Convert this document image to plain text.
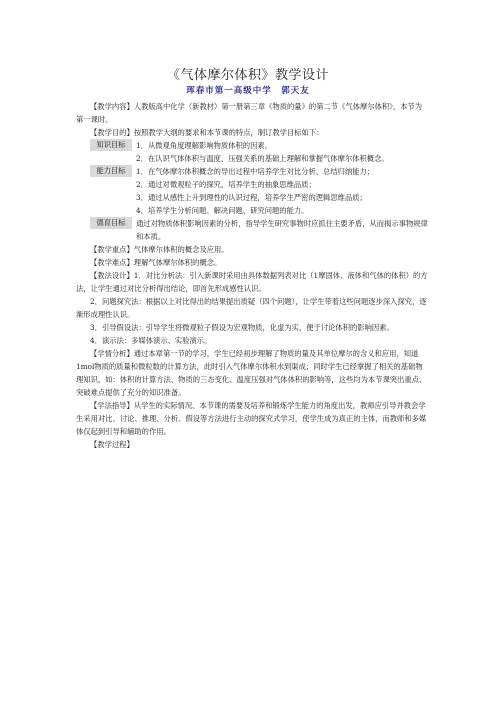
《气体摩尔体积》教学设计
珲春市第一高级中学　郭天友

【教学内容】人教版高中化学（新教材）第一册第三章《物质的量》的第二节《气体摩尔体积》，本节为第一课时。

【教学目的】按照教学大纲的要求和本节课的特点，制订教学目标如下：

知识目标	1．从微观角度理解影响物质体积的因素。

2．在认识气体体积与温度、压强关系的基础上理解和掌握气体摩尔体积概念。

能力目标	1．在气体摩尔体积概念的导出过程中培养学生对比分析、总结归纳能力；

2．通过对微观粒子的探究，培养学生的抽象思维品质；

3．通过从感性上升到理性的认识过程，培养学生严密的逻辑思维品质；

4．培养学生分析问题、解决问题、研究问题的能力。

德育目标	通过对物质体积影响因素的分析，指导学生研究事物时应抓住主要矛盾，从而揭示事物规律和本质。

【教学重点】气体摩尔体积的概念及应用。

【教学难点】理解气体摩尔体积的概念。

【教法设计】1．对比分析法：引入新课时采用由具体数据列表对比（1摩固体、液体和气体的体积）的方法，让学生通过对比分析得出结论，即首先形成感性认识。

2．问题探究法：根据以上对比得出的结果提出质疑（四个问题），让学生带着这些问题逐步深入探究，逐渐形成理性认识。

3．引导假设法：引导学生将微观粒子假设为宏观物质，化虚为实，便于讨论体积的影响因素。

4．演示法：多媒体演示、实验演示。

【学情分析】通过本章第一节的学习，学生已经初步理解了物质的量及其单位摩尔的含义和应用，知道1mol物质的质量和微粒数的计算方法，此时引入气体摩尔体积水到渠成；同时学生已经掌握了相关的基础物理知识，如：体积的计算方法、物质的三态变化、温度压强对气体体积的影响等，这些均为本节课突出重点、突破难点提供了充分的知识准备。

【学法指导】从学生的实际情况、本节课的需要及培养和锻炼学生能力的角度出发，教师应引导并教会学生采用对比、讨论、推理、分析、假设等方法进行主动的探究式学习，使学生成为真正的主体，而教师和多媒体仅起到引导和辅助的作用。

【教学过程】
